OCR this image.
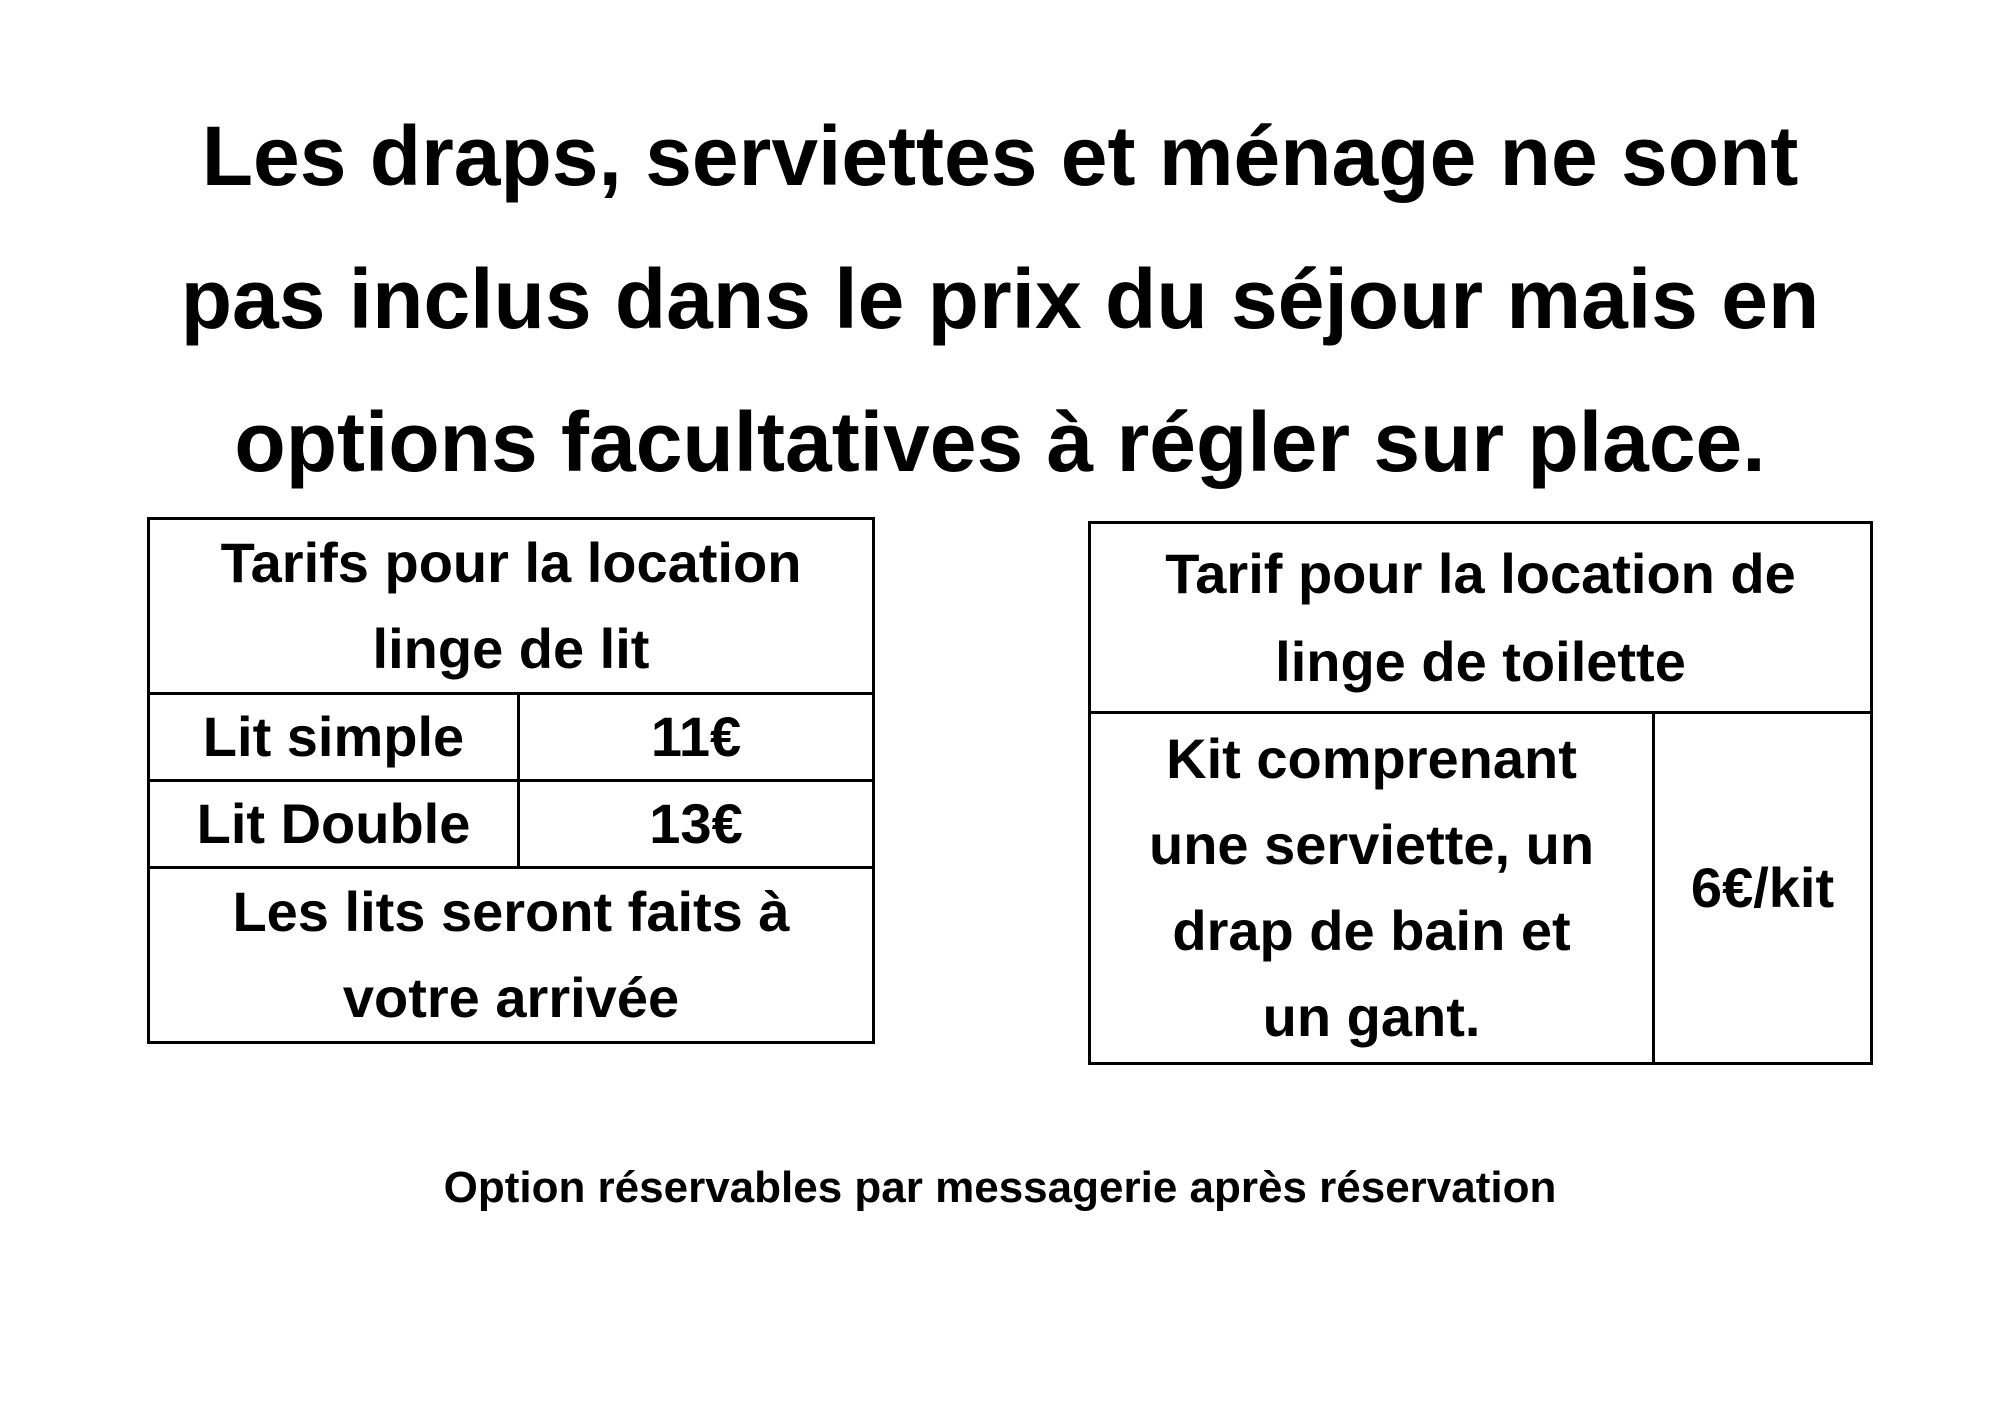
Les draps, serviettes et ménage ne sont
pas inclus dans le prix du séjour mais en
options facultatives à régler sur place.
Tarifs pour la location
linge de lit	

Lit simple	11€
Lit Double	13€

Les lits seront faits à
votre arrivée	
Tarif pour la location de
linge de toilette

Kit comprenant
une serviette, un
drap de bain et
un gant.
	6€/kit

Option réservables par messagerie après réservation
